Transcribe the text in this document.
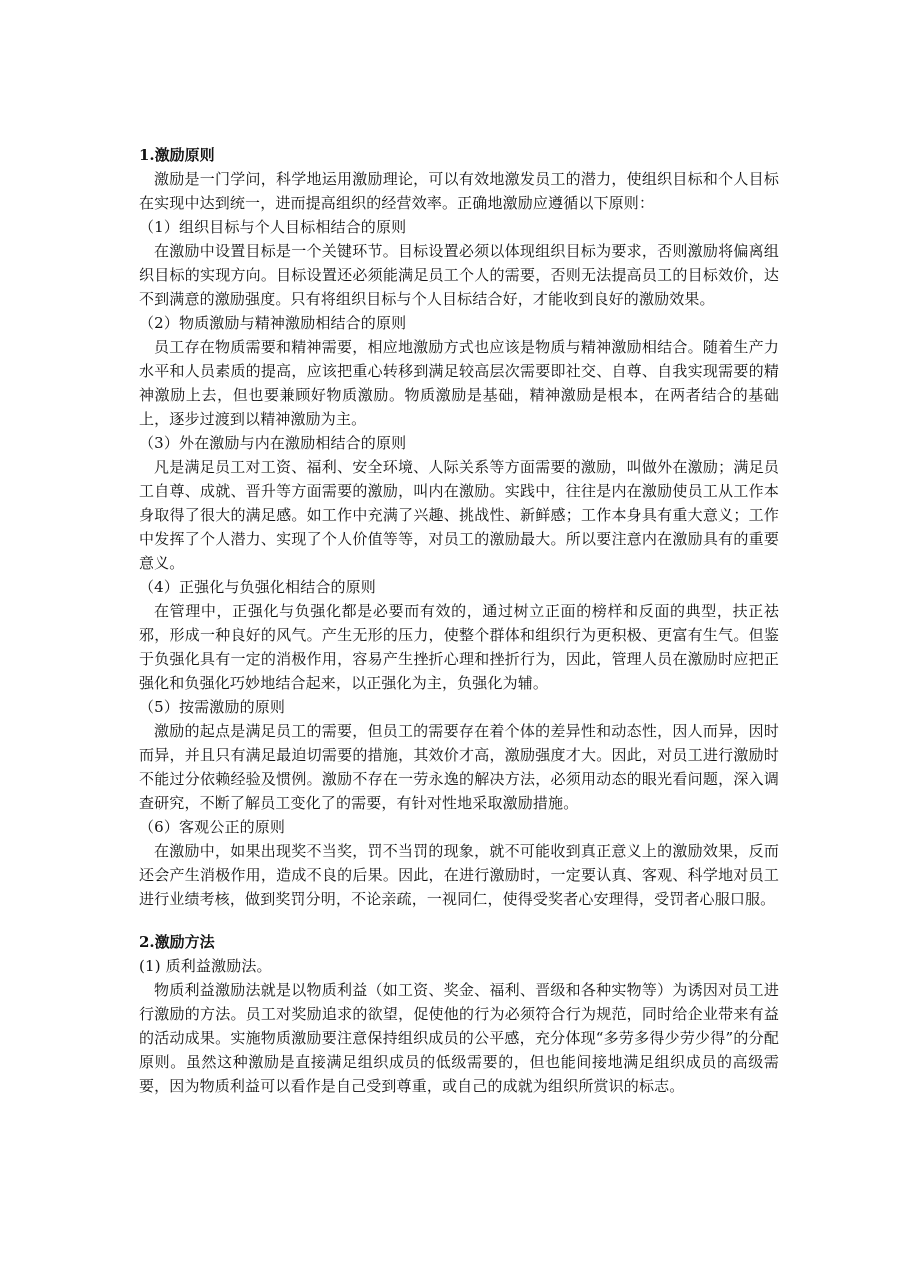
1.激励原则

激励是一门学问，科学地运用激励理论，可以有效地激发员工的潜力，使组织目标和个人目标在实现中达到统一，进而提高组织的经营效率。正确地激励应遵循以下原则：

（1）组织目标与个人目标相结合的原则

在激励中设置目标是一个关键环节。目标设置必须以体现组织目标为要求，否则激励将偏离组织目标的实现方向。目标设置还必须能满足员工个人的需要，否则无法提高员工的目标效价，达不到满意的激励强度。只有将组织目标与个人目标结合好，才能收到良好的激励效果。

（2）物质激励与精神激励相结合的原则

员工存在物质需要和精神需要，相应地激励方式也应该是物质与精神激励相结合。随着生产力水平和人员素质的提高，应该把重心转移到满足较高层次需要即社交、自尊、自我实现需要的精神激励上去，但也要兼顾好物质激励。物质激励是基础，精神激励是根本，在两者结合的基础上，逐步过渡到以精神激励为主。

（3）外在激励与内在激励相结合的原则

凡是满足员工对工资、福利、安全环境、人际关系等方面需要的激励，叫做外在激励；满足员工自尊、成就、晋升等方面需要的激励，叫内在激励。实践中，往往是内在激励使员工从工作本身取得了很大的满足感。如工作中充满了兴趣、挑战性、新鲜感；工作本身具有重大意义；工作中发挥了个人潜力、实现了个人价值等等，对员工的激励最大。所以要注意内在激励具有的重要意义。

（4）正强化与负强化相结合的原则

在管理中，正强化与负强化都是必要而有效的，通过树立正面的榜样和反面的典型，扶正祛邪，形成一种良好的风气。产生无形的压力，使整个群体和组织行为更积极、更富有生气。但鉴于负强化具有一定的消极作用，容易产生挫折心理和挫折行为，因此，管理人员在激励时应把正强化和负强化巧妙地结合起来，以正强化为主，负强化为辅。

（5）按需激励的原则

激励的起点是满足员工的需要，但员工的需要存在着个体的差异性和动态性，因人而异，因时而异，并且只有满足最迫切需要的措施，其效价才高，激励强度才大。因此，对员工进行激励时不能过分依赖经验及惯例。激励不存在一劳永逸的解决方法，必须用动态的眼光看问题，深入调查研究，不断了解员工变化了的需要，有针对性地采取激励措施。

（6）客观公正的原则

在激励中，如果出现奖不当奖，罚不当罚的现象，就不可能收到真正意义上的激励效果，反而还会产生消极作用，造成不良的后果。因此，在进行激励时，一定要认真、客观、科学地对员工进行业绩考核，做到奖罚分明，不论亲疏，一视同仁，使得受奖者心安理得，受罚者心服口服。

2.激励方法

(1) 质利益激励法。

物质利益激励法就是以物质利益（如工资、奖金、福利、晋级和各种实物等）为诱因对员工进行激励的方法。员工对奖励追求的欲望，促使他的行为必须符合行为规范，同时给企业带来有益的活动成果。实施物质激励要注意保持组织成员的公平感，充分体现“多劳多得少劳少得”的分配原则。虽然这种激励是直接满足组织成员的低级需要的，但也能间接地满足组织成员的高级需要，因为物质利益可以看作是自己受到尊重，或自己的成就为组织所赏识的标志。
